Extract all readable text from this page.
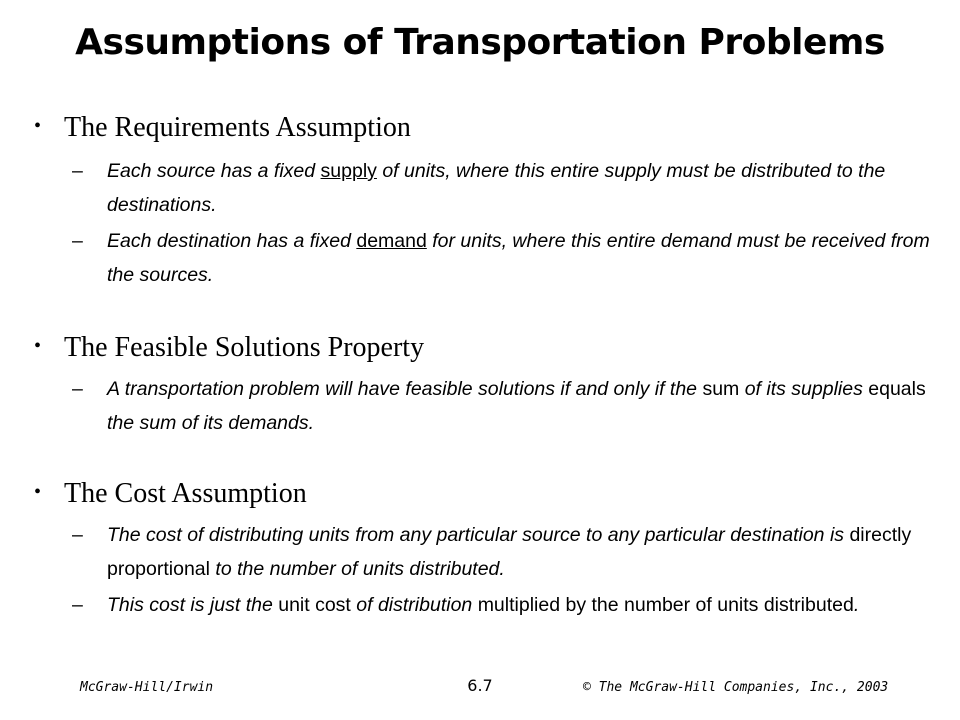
Assumptions of Transportation Problems
• The Requirements Assumption
– Each source has a fixed supply of units, where this entire supply must be distributed to the destinations.
– Each destination has a fixed demand for units, where this entire demand must be received from the sources.
• The Feasible Solutions Property
– A transportation problem will have feasible solutions if and only if the sum of its supplies equals the sum of its demands.
• The Cost Assumption
– The cost of distributing units from any particular source to any particular destination is directly proportional to the number of units distributed.
– This cost is just the unit cost of distribution multiplied by the number of units distributed.
McGraw-Hill/Irwin	6.7	© The McGraw-Hill Companies, Inc., 2003
